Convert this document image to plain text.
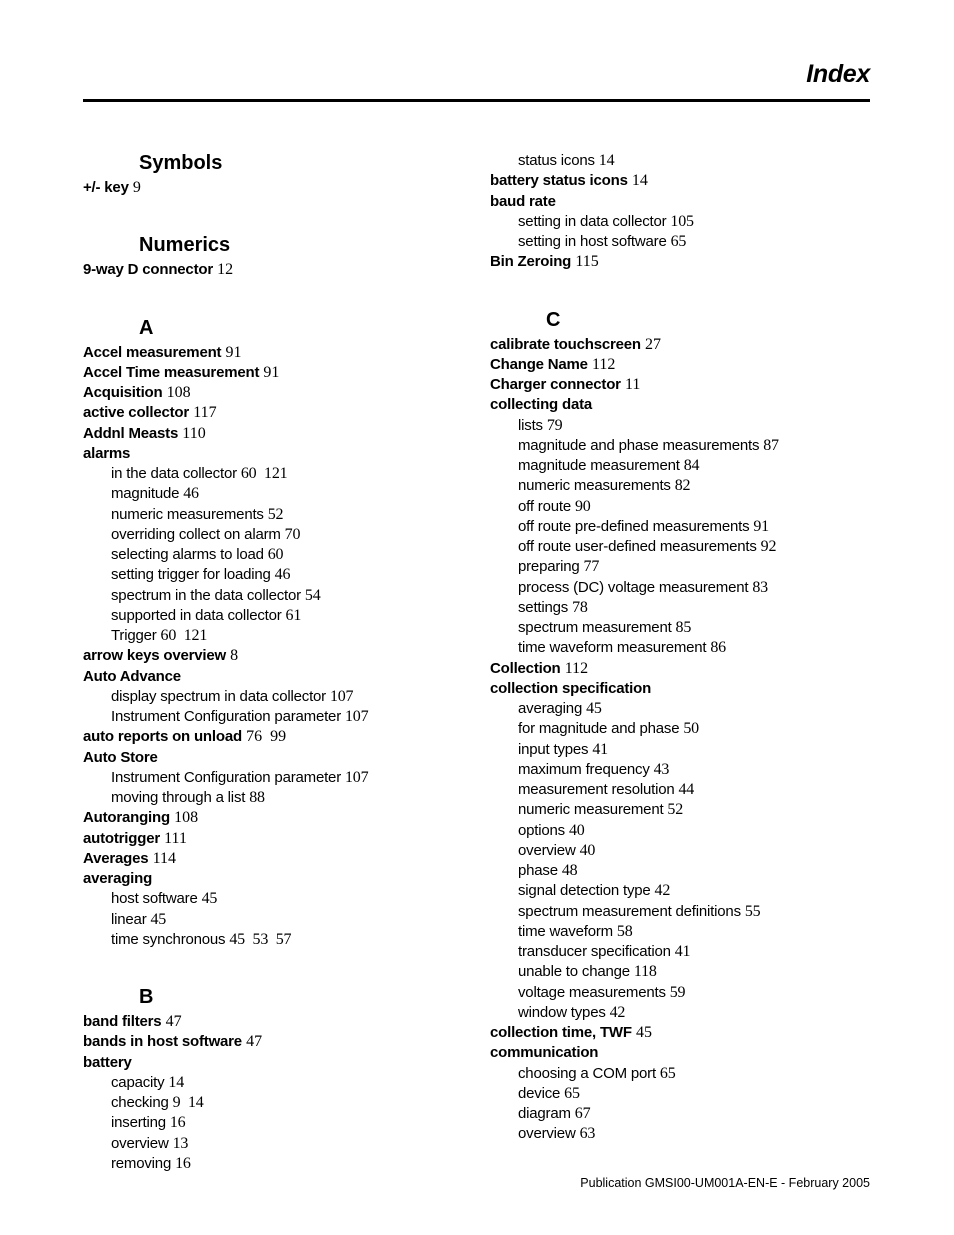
Index
Symbols
+/- key 9
Numerics
9-way D connector 12
A
Accel measurement 91
Accel Time measurement 91
Acquisition 108
active collector 117
Addnl Measts 110
alarms
in the data collector 60  121
magnitude 46
numeric measurements 52
overriding collect on alarm 70
selecting alarms to load 60
setting trigger for loading 46
spectrum in the data collector 54
supported in data collector 61
Trigger 60  121
arrow keys overview 8
Auto Advance
display spectrum in data collector 107
Instrument Configuration parameter 107
auto reports on unload 76  99
Auto Store
Instrument Configuration parameter 107
moving through a list 88
Autoranging 108
autotrigger 111
Averages 114
averaging
host software 45
linear 45
time synchronous 45  53  57
B
band filters 47
bands in host software 47
battery
capacity 14
checking 9  14
inserting 16
overview 13
removing 16
status icons 14
battery status icons 14
baud rate
setting in data collector 105
setting in host software 65
Bin Zeroing 115
C
calibrate touchscreen 27
Change Name 112
Charger connector 11
collecting data
lists 79
magnitude and phase measurements 87
magnitude measurement 84
numeric measurements 82
off route 90
off route pre-defined measurements 91
off route user-defined measurements 92
preparing 77
process (DC) voltage measurement 83
settings 78
spectrum measurement 85
time waveform measurement 86
Collection 112
collection specification
averaging 45
for magnitude and phase 50
input types 41
maximum frequency 43
measurement resolution 44
numeric measurement 52
options 40
overview 40
phase 48
signal detection type 42
spectrum measurement definitions 55
time waveform 58
transducer specification 41
unable to change 118
voltage measurements 59
window types 42
collection time, TWF 45
communication
choosing a COM port 65
device 65
diagram 67
overview 63
Publication GMSI00-UM001A-EN-E - February 2005
